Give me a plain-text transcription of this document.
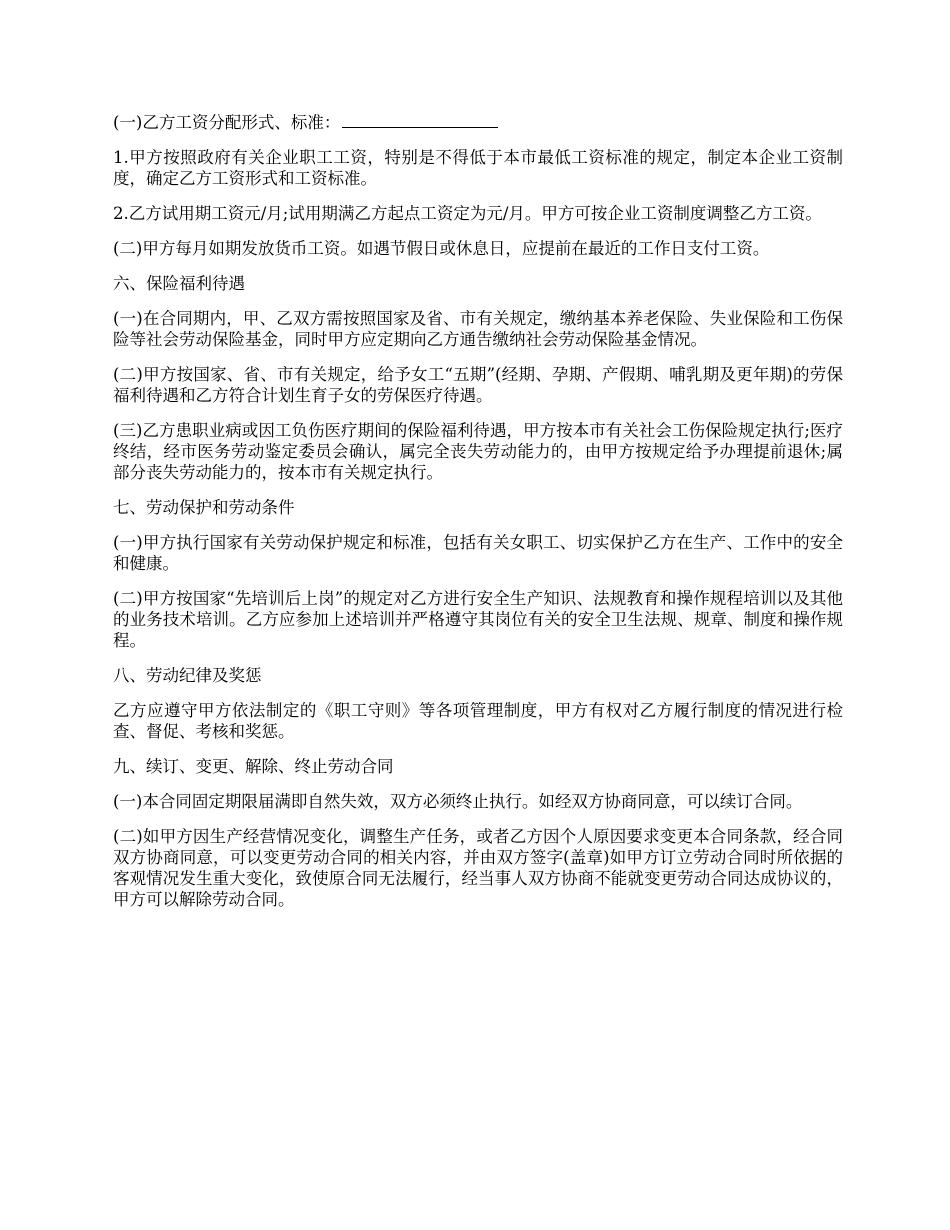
(一)乙方工资分配形式、标准：

1.甲方按照政府有关企业职工工资，特别是不得低于本市最低工资标准的规定，制定本企业工资制度，确定乙方工资形式和工资标准。

2.乙方试用期工资元/月;试用期满乙方起点工资定为元/月。甲方可按企业工资制度调整乙方工资。

(二)甲方每月如期发放货币工资。如遇节假日或休息日，应提前在最近的工作日支付工资。

六、保险福利待遇

(一)在合同期内，甲、乙双方需按照国家及省、市有关规定，缴纳基本养老保险、失业保险和工伤保险等社会劳动保险基金，同时甲方应定期向乙方通告缴纳社会劳动保险基金情况。

(二)甲方按国家、省、市有关规定，给予女工“五期”(经期、孕期、产假期、哺乳期及更年期)的劳保福利待遇和乙方符合计划生育子女的劳保医疗待遇。

(三)乙方患职业病或因工负伤医疗期间的保险福利待遇，甲方按本市有关社会工伤保险规定执行;医疗终结，经市医务劳动鉴定委员会确认，属完全丧失劳动能力的，由甲方按规定给予办理提前退休;属部分丧失劳动能力的，按本市有关规定执行。

七、劳动保护和劳动条件

(一)甲方执行国家有关劳动保护规定和标准，包括有关女职工、切实保护乙方在生产、工作中的安全和健康。

(二)甲方按国家“先培训后上岗”的规定对乙方进行安全生产知识、法规教育和操作规程培训以及其他的业务技术培训。乙方应参加上述培训并严格遵守其岗位有关的安全卫生法规、规章、制度和操作规程。

八、劳动纪律及奖惩

乙方应遵守甲方依法制定的《职工守则》等各项管理制度，甲方有权对乙方履行制度的情况进行检查、督促、考核和奖惩。

九、续订、变更、解除、终止劳动合同

(一)本合同固定期限届满即自然失效，双方必须终止执行。如经双方协商同意，可以续订合同。

(二)如甲方因生产经营情况变化，调整生产任务，或者乙方因个人原因要求变更本合同条款，经合同双方协商同意，可以变更劳动合同的相关内容，并由双方签字(盖章)如甲方订立劳动合同时所依据的客观情况发生重大变化，致使原合同无法履行，经当事人双方协商不能就变更劳动合同达成协议的，甲方可以解除劳动合同。
